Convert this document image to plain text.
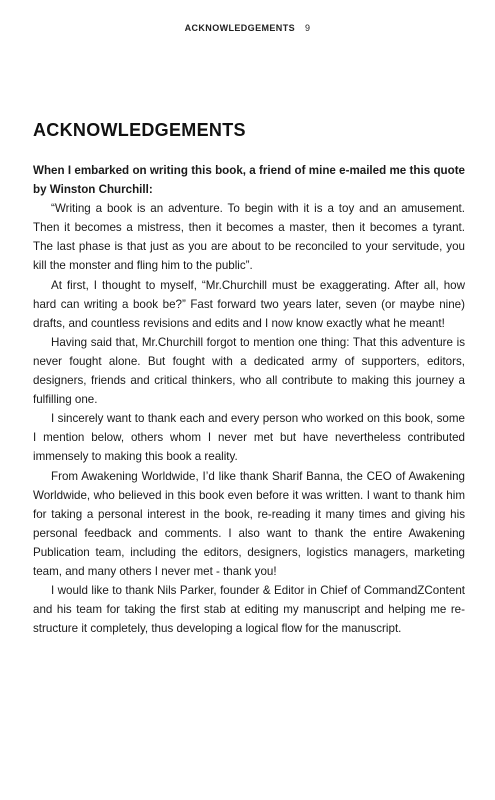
ACKNOWLEDGEMENTS 9
ACKNOWLEDGEMENTS

When I embarked on writing this book, a friend of mine e-mailed me this quote by Winston Churchill:

“Writing a book is an adventure. To begin with it is a toy and an amusement. Then it becomes a mistress, then it becomes a master, then it becomes a tyrant. The last phase is that just as you are about to be reconciled to your servitude, you kill the monster and fling him to the public”.

At first, I thought to myself, “Mr.Churchill must be exaggerating. After all, how hard can writing a book be?” Fast forward two years later, seven (or maybe nine) drafts, and countless revisions and edits and I now know exactly what he meant!

Having said that, Mr.Churchill forgot to mention one thing: That this adventure is never fought alone. But fought with a dedicated army of supporters, editors, designers, friends and critical thinkers, who all contribute to making this journey a fulfilling one.

I sincerely want to thank each and every person who worked on this book, some I mention below, others whom I never met but have nevertheless contributed immensely to making this book a reality.

From Awakening Worldwide, I’d like thank Sharif Banna, the CEO of Awakening Worldwide, who believed in this book even before it was written. I want to thank him for taking a personal interest in the book, re-reading it many times and giving his personal feedback and comments. I also want to thank the entire Awakening Publication team, including the editors, designers, logistics managers, marketing team, and many others I never met - thank you!

I would like to thank Nils Parker, founder & Editor in Chief of CommandZContent and his team for taking the first stab at editing my manuscript and helping me re-structure it completely, thus developing a logical flow for the manuscript.
